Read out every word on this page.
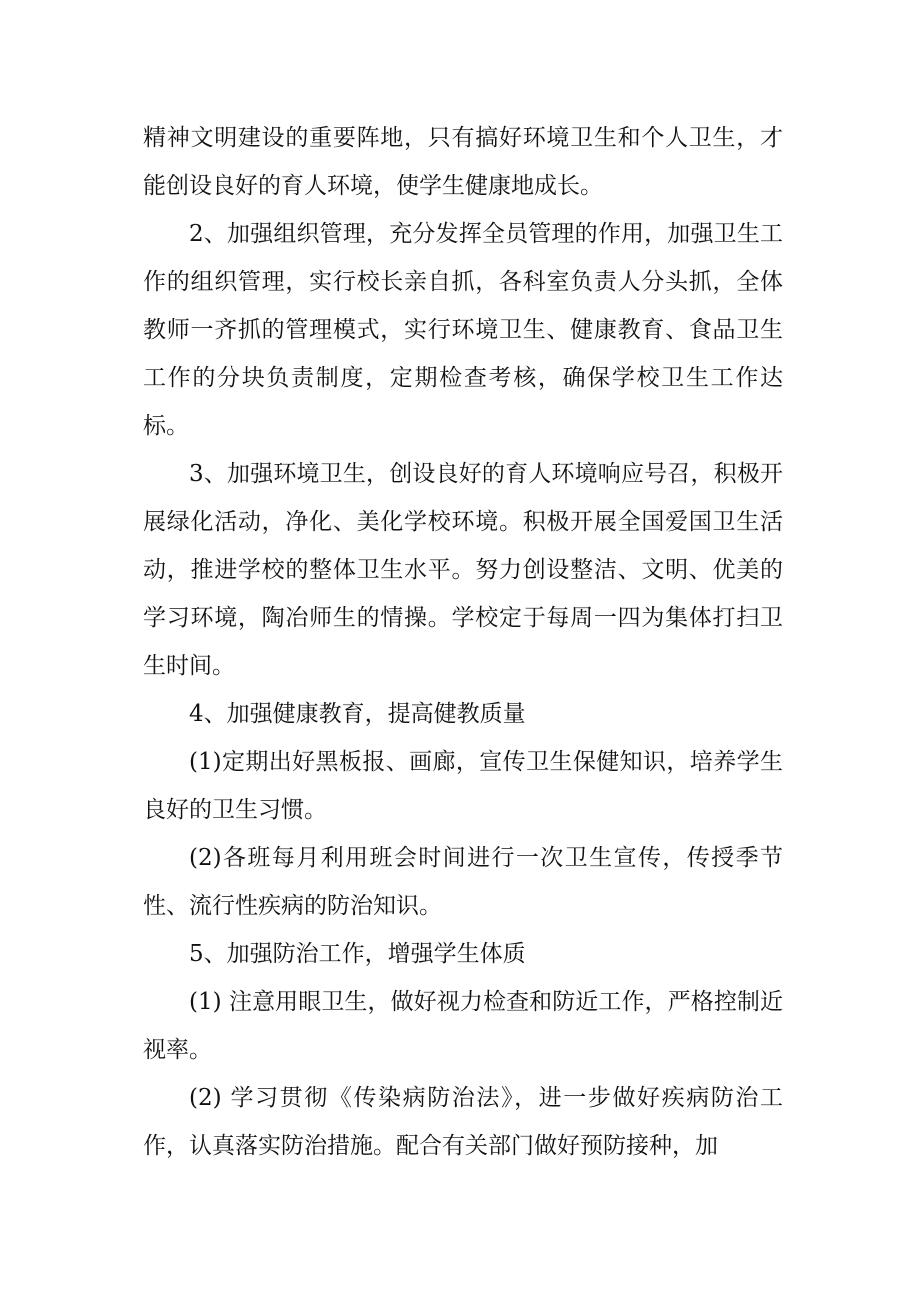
精神文明建设的重要阵地，只有搞好环境卫生和个人卫生，才能创设良好的育人环境，使学生健康地成长。

2、加强组织管理，充分发挥全员管理的作用，加强卫生工作的组织管理，实行校长亲自抓，各科室负责人分头抓，全体教师一齐抓的管理模式，实行环境卫生、健康教育、食品卫生工作的分块负责制度，定期检查考核，确保学校卫生工作达标。

3、加强环境卫生，创设良好的育人环境响应号召，积极开展绿化活动，净化、美化学校环境。积极开展全国爱国卫生活动，推进学校的整体卫生水平。努力创设整洁、文明、优美的学习环境，陶冶师生的情操。学校定于每周一四为集体打扫卫生时间。

4、加强健康教育，提高健教质量

(1)定期出好黑板报、画廊，宣传卫生保健知识，培养学生良好的卫生习惯。

(2)各班每月利用班会时间进行一次卫生宣传，传授季节性、流行性疾病的防治知识。

5、加强防治工作，增强学生体质

(1) 注意用眼卫生，做好视力检查和防近工作，严格控制近视率。

(2) 学习贯彻《传染病防治法》，进一步做好疾病防治工作，认真落实防治措施。配合有关部门做好预防接种，加
